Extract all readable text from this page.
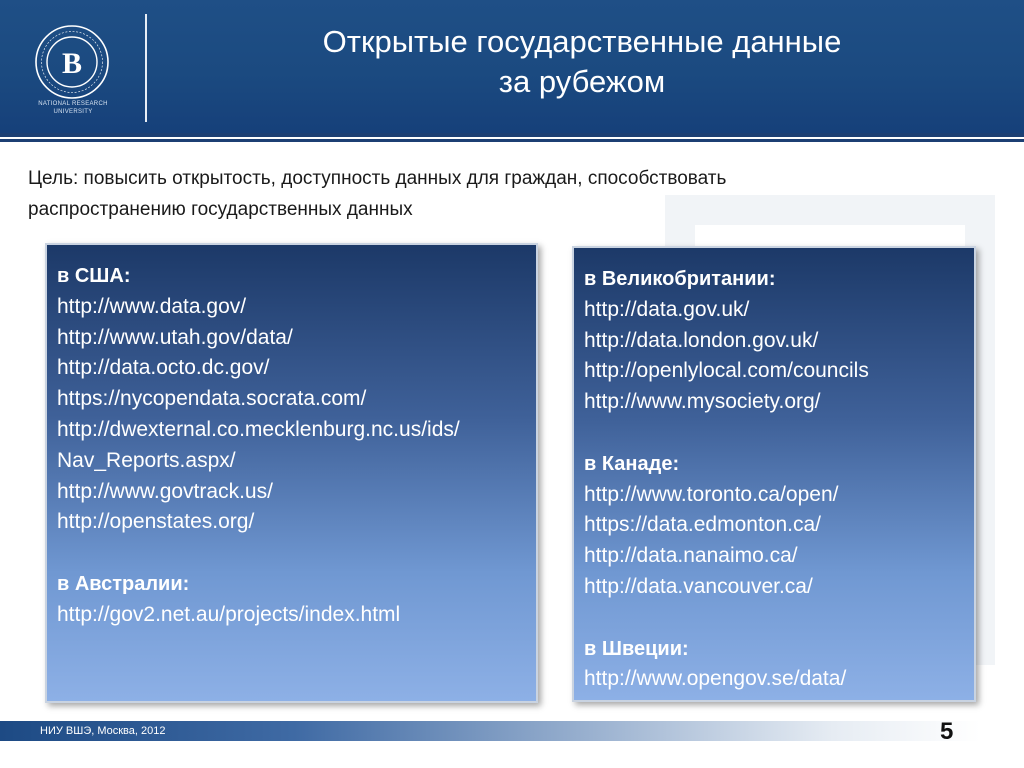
В
NATIONAL RESEARCH
UNIVERSITY
Открытые государственные данные
за рубежом
Цель: повысить открытость, доступность данных для граждан, способствовать
распространению государственных данных
в США:
http://www.data.gov/
http://www.utah.gov/data/
http://data.octo.dc.gov/
https://nycopendata.socrata.com/
http://dwexternal.co.mecklenburg.nc.us/ids/
Nav_Reports.aspx/
http://www.govtrack.us/
http://openstates.org/
в Австралии:
http://gov2.net.au/projects/index.html
в Великобритании:
http://data.gov.uk/
http://data.london.gov.uk/
http://openlylocal.com/councils
http://www.mysociety.org/
в Канаде:
http://www.toronto.ca/open/
https://data.edmonton.ca/
http://data.nanaimo.ca/
http://data.vancouver.ca/
в Швеции:
http://www.opengov.se/data/
НИУ ВШЭ, Москва, 2012	5
